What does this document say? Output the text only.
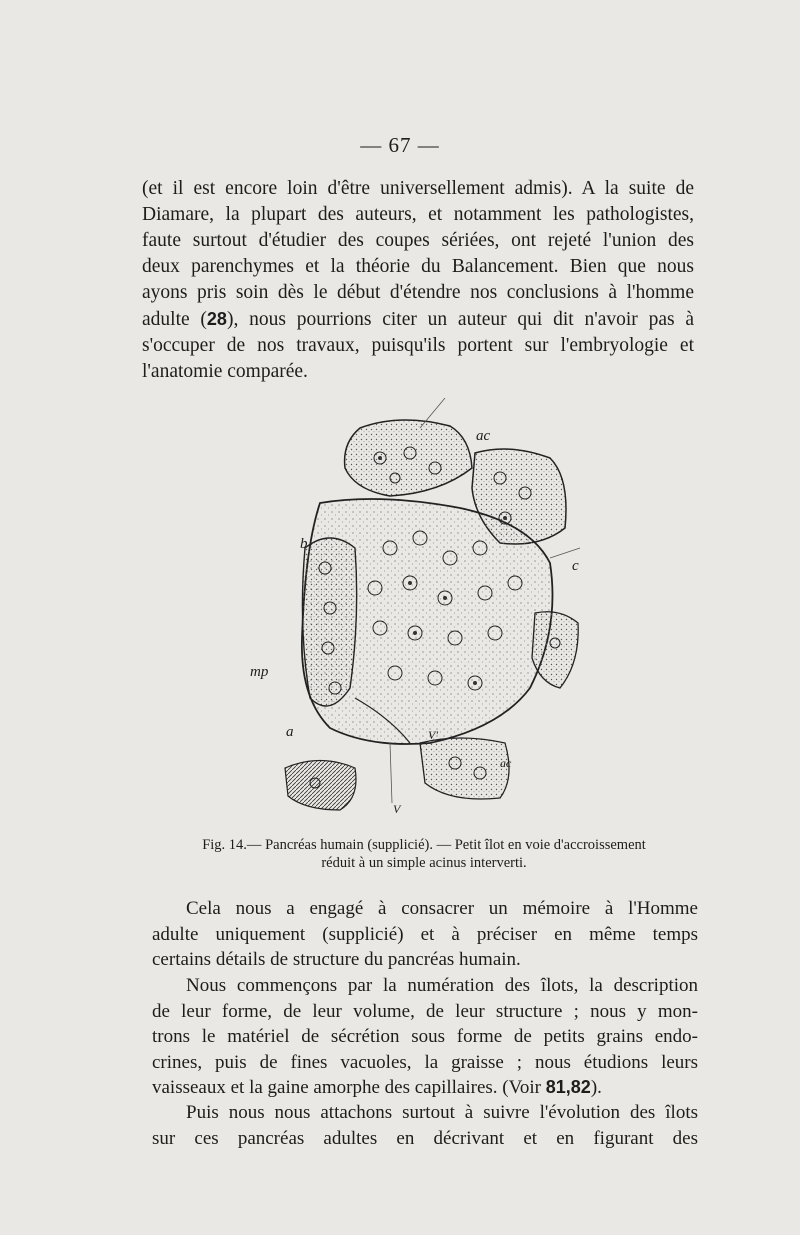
— 67 —
(et il est encore loin d'être universellement admis). A la suite de
Diamare, la plupart des auteurs, et notamment les pathologistes,
faute surtout d'étudier des coupes sériées, ont rejeté l'union des
deux parenchymes et la théorie du Balancement. Bien que nous
ayons pris soin dès le début d'étendre nos conclusions à l'homme
adulte (28), nous pourrions citer un auteur qui dit n'avoir pas à
s'occuper de nos travaux, puisqu'ils portent sur l'embryologie et
l'anatomie comparée.
ac
b
c
mp
a	V'
ac
V
Fig. 14.— Pancréas humain (supplicié). — Petit îlot en voie d'accroissement
réduit à un simple acinus interverti.
Cela nous a engagé à consacrer un mémoire à l'Homme
adulte uniquement (supplicié) et à préciser en même temps
certains détails de structure du pancréas humain.
Nous commençons par la numération des îlots, la description
de leur forme, de leur volume, de leur structure ; nous y mon-
trons le matériel de sécrétion sous forme de petits grains endo-
crines, puis de fines vacuoles, la graisse ; nous étudions leurs
vaisseaux et la gaine amorphe des capillaires. (Voir 81,82).
Puis nous nous attachons surtout à suivre l'évolution des îlots
sur ces pancréas adultes en décrivant et en figurant des
